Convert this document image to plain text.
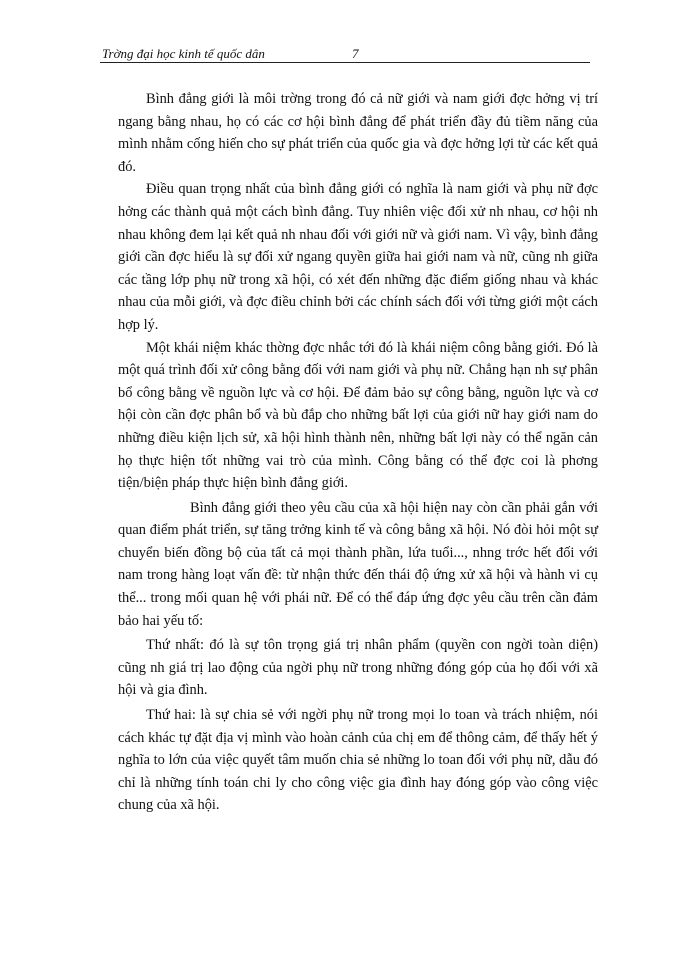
Trờng đại học kinh tế quốc dân	7

Bình đẳng giới là môi trờng trong đó cả nữ giới và nam giới đợc hởng vị trí ngang bằng nhau, họ có các cơ hội bình đẳng để phát triển đầy đủ tiềm năng của mình nhằm cống hiến cho sự phát triển của quốc gia và đợc hởng lợi từ các kết quả đó.

Điều quan trọng nhất của bình đẳng giới có nghĩa là nam giới và phụ nữ đợc hởng các thành quả một cách bình đẳng. Tuy nhiên việc đối xử nh nhau, cơ hội nh nhau không đem lại kết quả nh nhau đối với giới nữ và giới nam. Vì vậy, bình đẳng giới cần đợc hiểu là sự đối xử ngang quyền giữa hai giới nam và nữ, cũng nh giữa các tầng lớp phụ nữ trong xã hội, có xét đến những đặc điểm giống nhau và khác nhau của mỗi giới, và đợc điều chỉnh bởi các chính sách đối với từng giới một cách hợp lý.

Một khái niệm khác thờng đợc nhắc tới đó là khái niệm công bằng giới. Đó là một quá trình đối xử công bằng đối với nam giới và phụ nữ. Chẳng hạn nh sự phân bổ công bằng về nguồn lực và cơ hội. Để đảm bảo sự công bằng, nguồn lực và cơ hội còn cần đợc phân bổ và bù đắp cho những bất lợi của giới nữ hay giới nam do những điều kiện lịch sử, xã hội hình thành nên, những bất lợi này có thể ngăn cản họ thực hiện tốt những vai trò của mình. Công bằng có thể đợc coi là phơng tiện/biện pháp thực hiện bình đẳng giới.

Bình đẳng giới theo yêu cầu của xã hội hiện nay còn cần phải gắn với quan điểm phát triển, sự tăng trởng kinh tế và công bằng xã hội. Nó đòi hỏi một sự chuyển biến đồng bộ của tất cả mọi thành phần, lứa tuổi..., nhng trớc hết đối với nam trong hàng loạt vấn đề: từ nhận thức đến thái độ ứng xử xã hội và hành vi cụ thể... trong mối quan hệ với phái nữ. Để có thể đáp ứng đợc yêu cầu trên cần đảm bảo hai yếu tố:

Thứ nhất: đó là sự tôn trọng giá trị nhân phẩm (quyền con ngời toàn diện) cũng nh giá trị lao động của ngời phụ nữ trong những đóng góp của họ đối với xã hội và gia đình.

Thứ hai: là sự chia sẻ với ngời phụ nữ trong mọi lo toan và trách nhiệm, nói cách khác tự đặt địa vị mình vào hoàn cảnh của chị em để thông cảm, để thấy hết ý nghĩa to lớn của việc quyết tâm muốn chia sẻ những lo toan đối với phụ nữ, dẫu đó chỉ là những tính toán chi ly cho công việc gia đình hay đóng góp vào công việc chung của xã hội.
